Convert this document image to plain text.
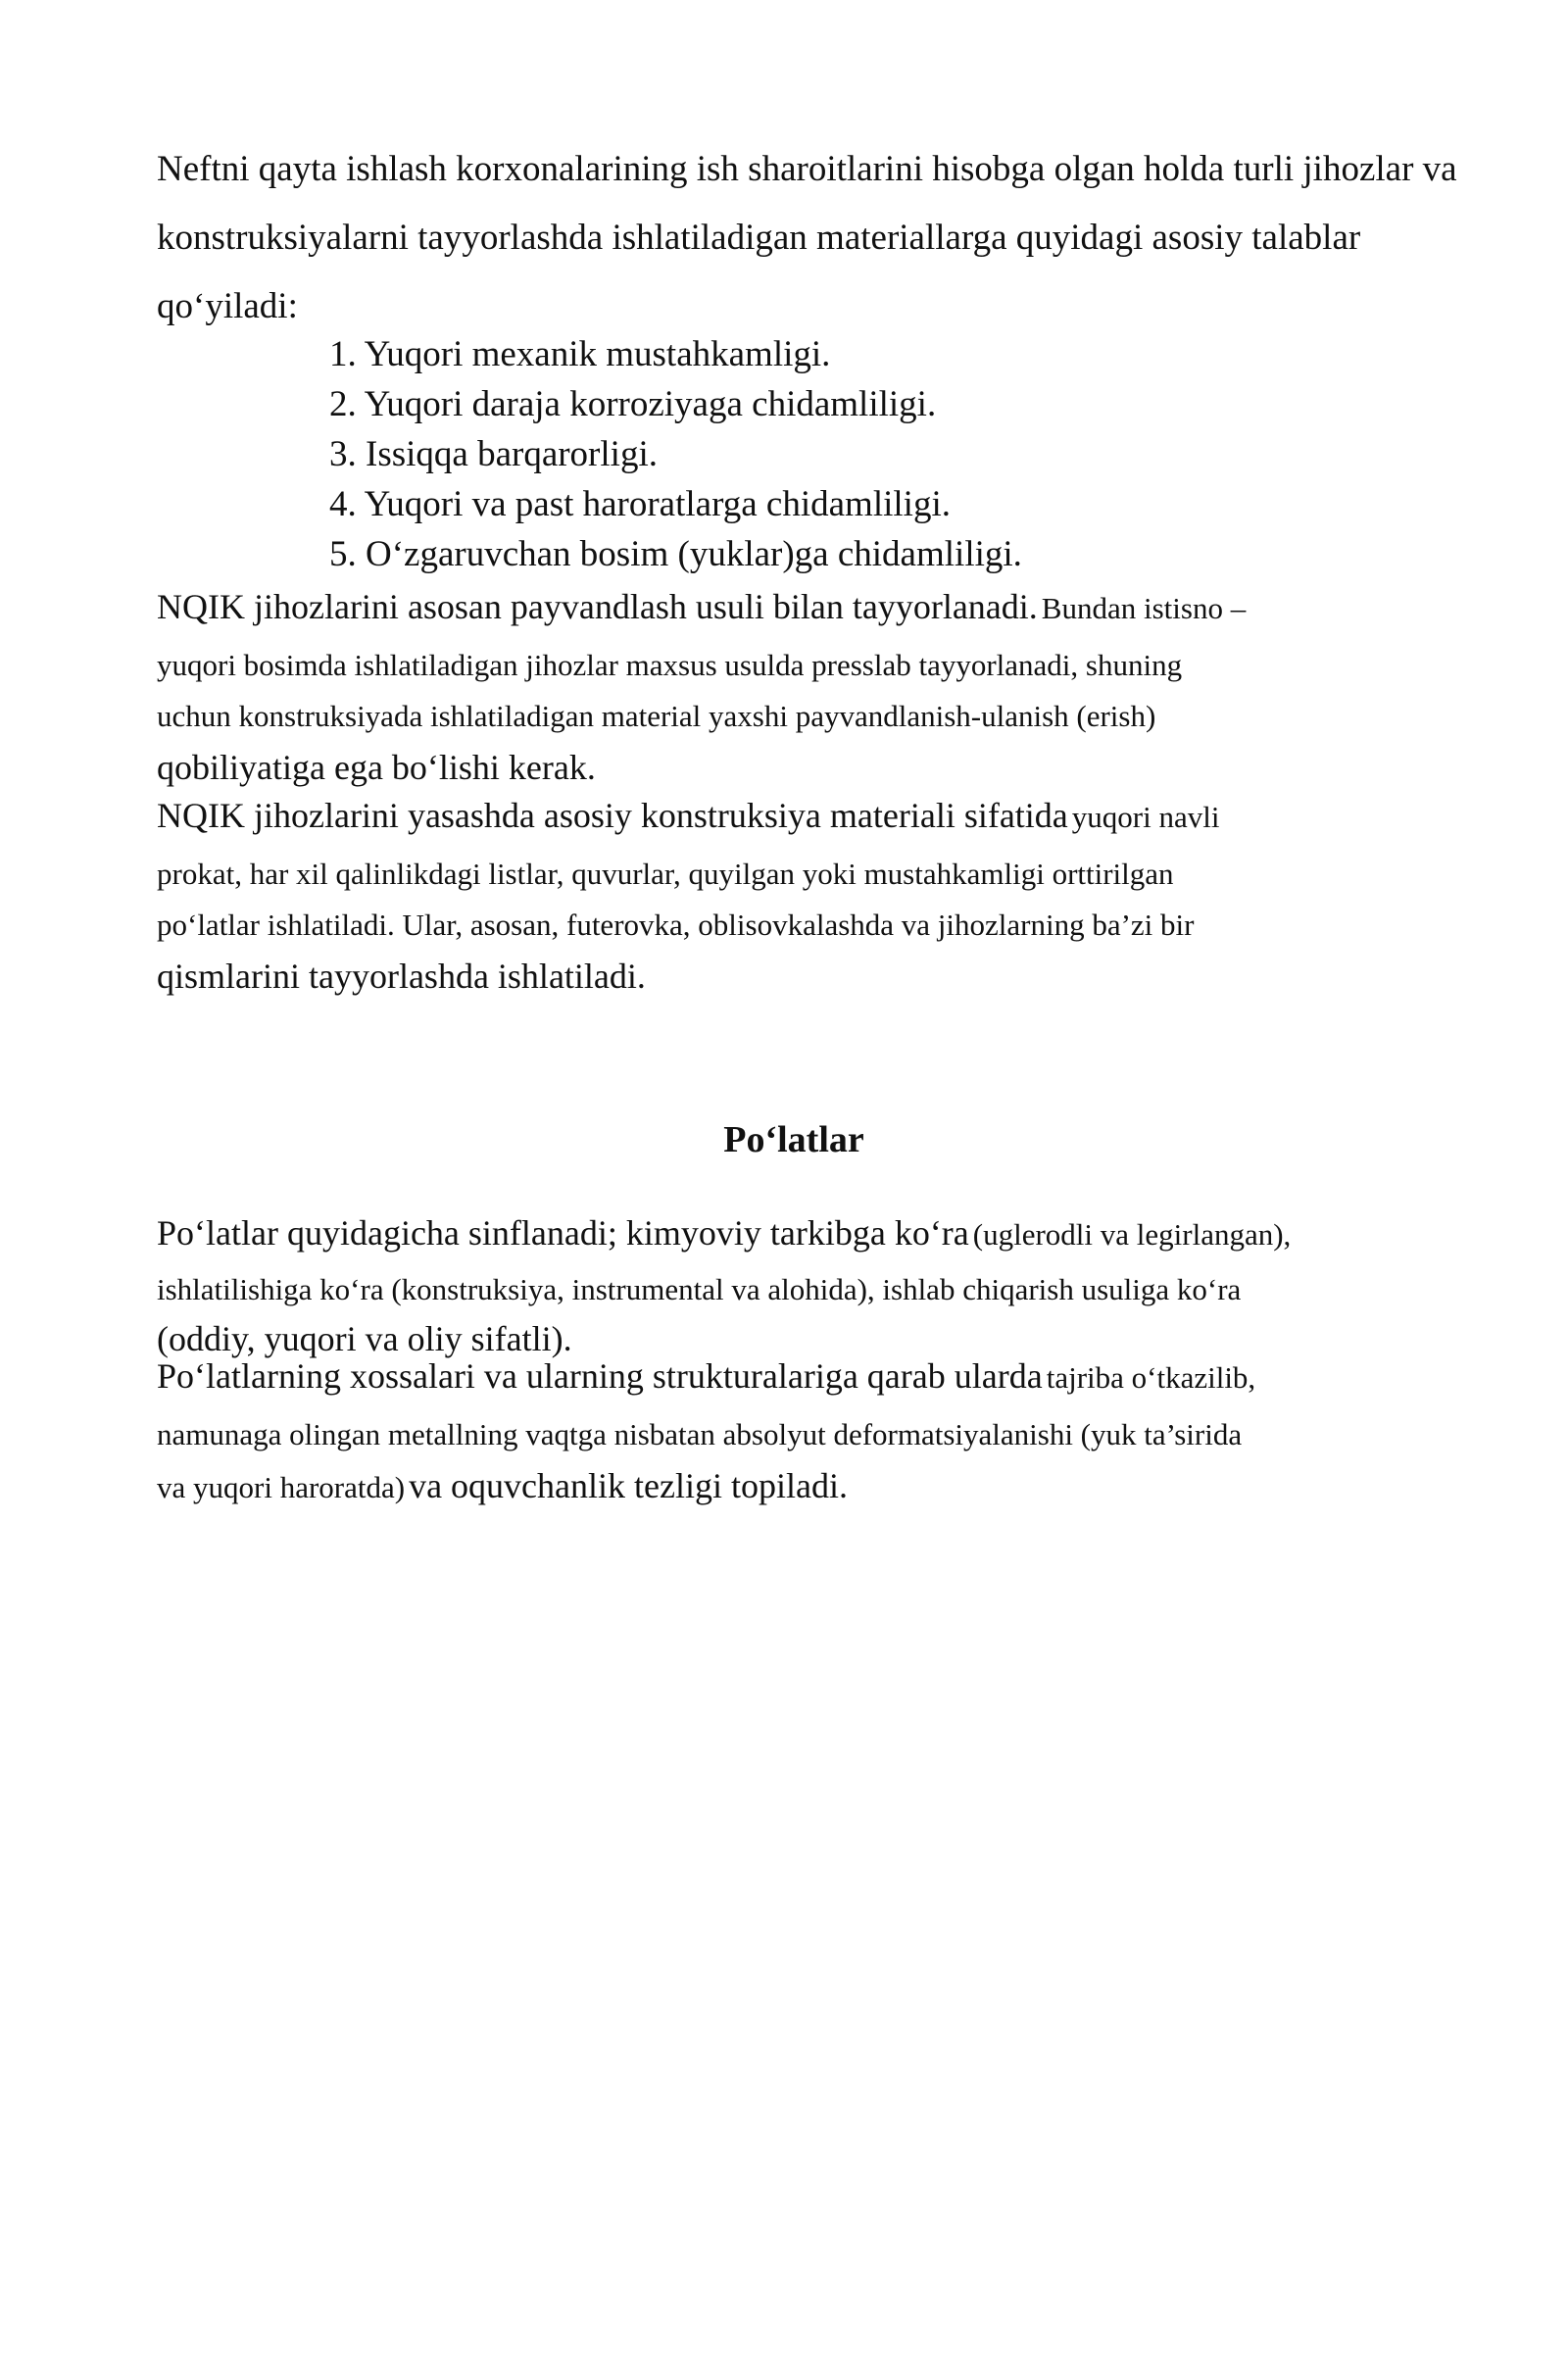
Neftni qayta ishlash korxonalarining ish sharoitlarini hisobga olgan holda turli jihozlar va konstruksiyalarni tayyorlashda ishlatiladigan materiallarga quyidagi asosiy talablar qo‘yiladi:

1. Yuqori mexanik mustahkamligi.
2. Yuqori daraja korroziyaga chidamliligi.
3. Issiqqa barqarorligi.
4. Yuqori va past haroratlarga chidamliligi.
5. O‘zgaruvchan bosim (yuklar)ga chidamliligi.

NQIK jihozlarini asosan payvandlash usuli bilan tayyorlanadi. Bundan istisno –
yuqori bosimda ishlatiladigan jihozlar maxsus usulda presslab tayyorlanadi, shuning
uchun konstruksiyada ishlatiladigan material yaxshi payvandlanish-ulanish (erish)
qobiliyatiga ega bo‘lishi kerak.

NQIK jihozlarini yasashda asosiy konstruksiya materiali sifatida yuqori navli
prokat, har xil qalinlikdagi listlar, quvurlar, quyilgan yoki mustahkamligi orttirilgan
po‘latlar ishlatiladi. Ular, asosan, futerovka, oblisovkalashda va jihozlarning ba’zi bir
qismlarini tayyorlashda ishlatiladi.

Po‘latlar

Po‘latlar quyidagicha sinflanadi; kimyoviy tarkibga ko‘ra (uglerodli va legirlangan),
ishlatilishiga ko‘ra (konstruksiya, instrumental va alohida), ishlab chiqarish usuliga ko‘ra
(oddiy, yuqori va oliy sifatli).

Po‘latlarning xossalari va ularning strukturalariga qarab ularda tajriba o‘tkazilib,
namunaga olingan metallning vaqtga nisbatan absolyut deformatsiyalanishi (yuk ta’sirida
va yuqori haroratda) va oquvchanlik tezligi topiladi.
